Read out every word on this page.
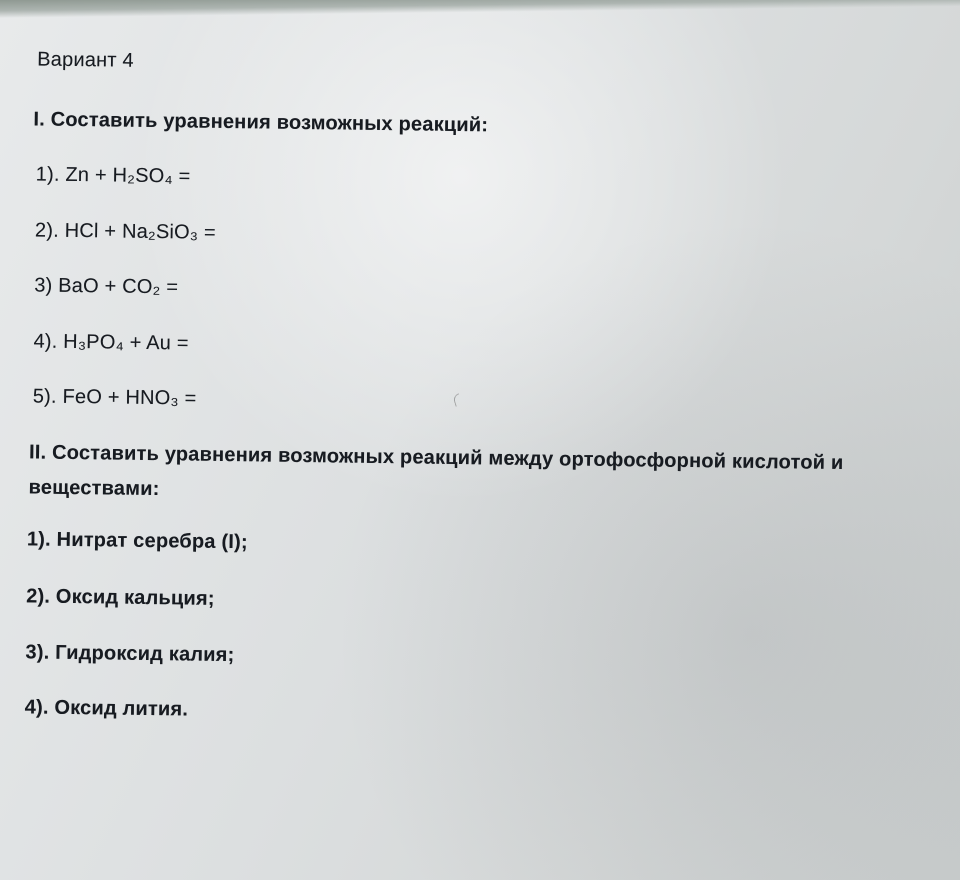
Вариант 4
I. Составить уравнения возможных реакций:
1). Zn + H₂SO₄ =
2). HCl + Na₂SiO₃ =
3) BaO + CO₂ =
4). H₃PO₄ + Au =
5). FeO + HNO₃ =
II. Составить уравнения возможных реакций между ортофосфорной кислотой и
веществами:
1). Нитрат серебра (I);
2). Оксид кальция;
3). Гидроксид калия;
4). Оксид лития.
